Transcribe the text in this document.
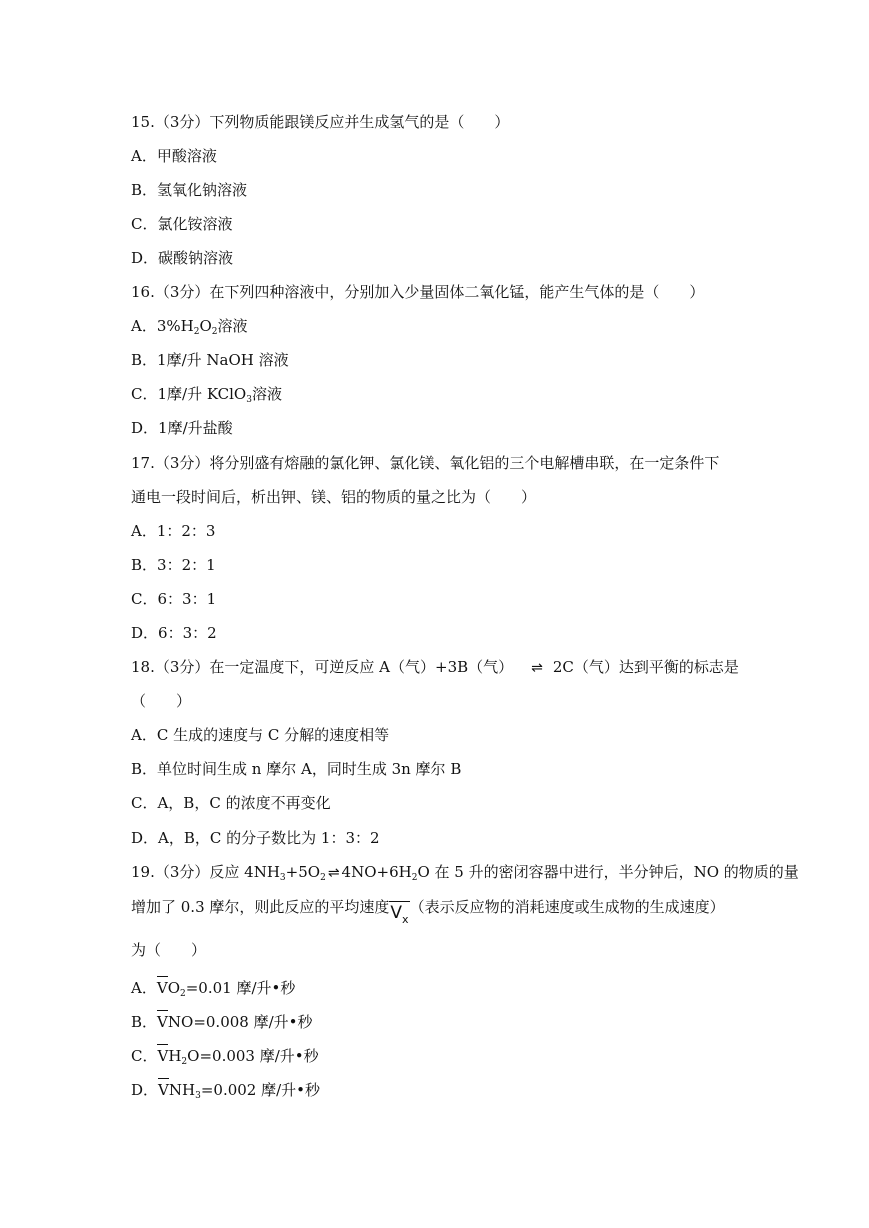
15.（3分）下列物质能跟镁反应并生成氢气的是（　　）
A．甲酸溶液
B．氢氧化钠溶液
C．氯化铵溶液
D．碳酸钠溶液
16.（3分）在下列四种溶液中，分别加入少量固体二氧化锰，能产生气体的是（　　）
A．$3\%H_2O_2$溶液
B．1摩/升 NaOH 溶液
C．1摩/升 KClO$_3$溶液
D．1摩/升盐酸
17.（3分）将分别盛有熔融的氯化钾、氯化镁、氧化铝的三个电解槽串联，在一定条件下
通电一段时间后，析出钾、镁、铝的物质的量之比为（　　）
A．1：2：3
B．3：2：1
C．6：3：1
D．6：3：2
18.（3分）在一定温度下，可逆反应 A（气）+3B（气） ⇌ 2C（气）达到平衡的标志是
（　　）
A．C 生成的速度与 C 分解的速度相等
B．单位时间生成 n 摩尔 A，同时生成 3n 摩尔 B
C．A，B，C 的浓度不再变化
D．A，B，C 的分子数比为 1：3：2
19.（3分）反应 $4NH_3+5O_2$ ⇌ $4NO+6H_2O$ 在 5 升的密闭容器中进行，半分钟后，NO 的物质的量
增加了 0.3 摩尔，则此反应的平均速度$V_x$（表示反应物的消耗速度或生成物的生成速度）
为（　　）
A．$VO_2=0.01$ 摩/升•秒
B．VNO=0.008 摩/升•秒
C．$VH_2O=0.003$ 摩/升•秒
D．$VNH_3=0.002$ 摩/升•秒
